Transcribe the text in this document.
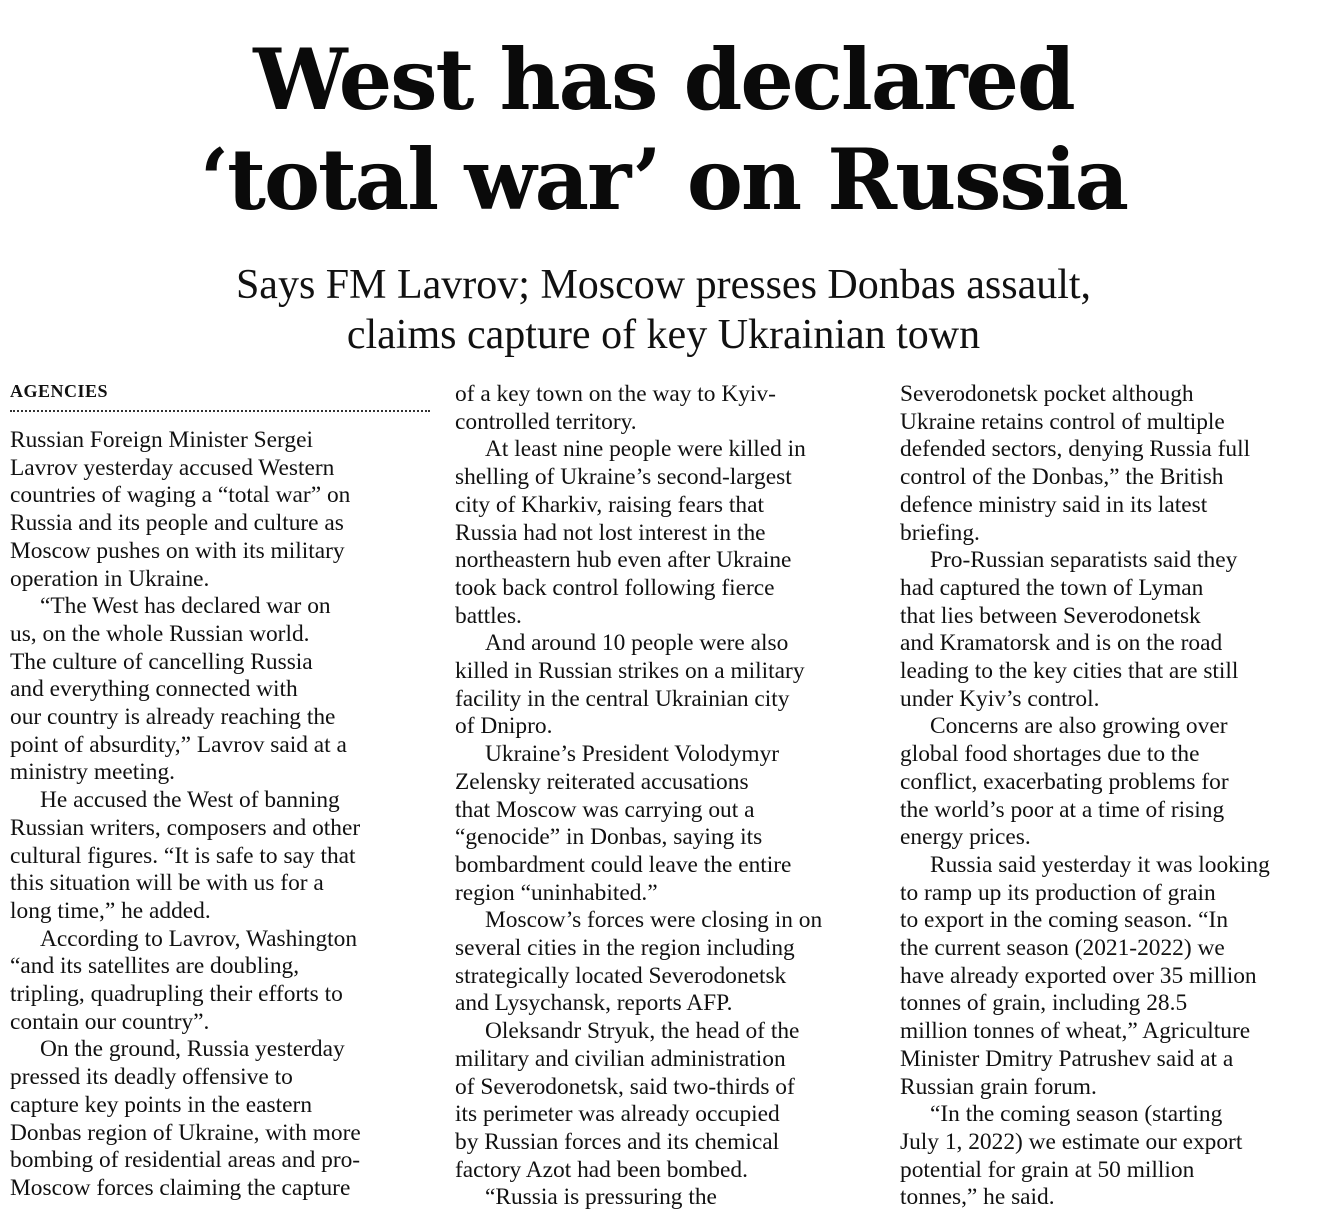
West has declared
‘total war’ on Russia
Says FM Lavrov; Moscow presses Donbas assault,
claims capture of key Ukrainian town
AGENCIES

Russian Foreign Minister Sergei

Lavrov yesterday accused Western

countries of waging a “total war” on

Russia and its people and culture as

Moscow pushes on with its military

operation in Ukraine.

“The West has declared war on

us, on the whole Russian world.

The culture of cancelling Russia

and everything connected with

our country is already reaching the

point of absurdity,” Lavrov said at a

ministry meeting.

He accused the West of banning

Russian writers, composers and other

cultural figures. “It is safe to say that

this situation will be with us for a

long time,” he added.

According to Lavrov, Washington

“and its satellites are doubling,

tripling, quadrupling their efforts to

contain our country”.

On the ground, Russia yesterday

pressed its deadly offensive to

capture key points in the eastern

Donbas region of Ukraine, with more

bombing of residential areas and pro-

Moscow forces claiming the capture

of a key town on the way to Kyiv-

controlled territory.

At least nine people were killed in

shelling of Ukraine’s second-largest

city of Kharkiv, raising fears that

Russia had not lost interest in the

northeastern hub even after Ukraine

took back control following fierce

battles.

And around 10 people were also

killed in Russian strikes on a military

facility in the central Ukrainian city

of Dnipro.

Ukraine’s President Volodymyr

Zelensky reiterated accusations

that Moscow was carrying out a

“genocide” in Donbas, saying its

bombardment could leave the entire

region “uninhabited.”

Moscow’s forces were closing in on

several cities in the region including

strategically located Severodonetsk

and Lysychansk, reports AFP.

Oleksandr Stryuk, the head of the

military and civilian administration

of Severodonetsk, said two-thirds of

its perimeter was already occupied

by Russian forces and its chemical

factory Azot had been bombed.

“Russia is pressuring the

Severodonetsk pocket although

Ukraine retains control of multiple

defended sectors, denying Russia full

control of the Donbas,” the British

defence ministry said in its latest

briefing.

Pro-Russian separatists said they

had captured the town of Lyman

that lies between Severodonetsk

and Kramatorsk and is on the road

leading to the key cities that are still

under Kyiv’s control.

Concerns are also growing over

global food shortages due to the

conflict, exacerbating problems for

the world’s poor at a time of rising

energy prices.

Russia said yesterday it was looking

to ramp up its production of grain

to export in the coming season. “In

the current season (2021-2022) we

have already exported over 35 million

tonnes of grain, including 28.5

million tonnes of wheat,” Agriculture

Minister Dmitry Patrushev said at a

Russian grain forum.

“In the coming season (starting

July 1, 2022) we estimate our export

potential for grain at 50 million

tonnes,” he said.
